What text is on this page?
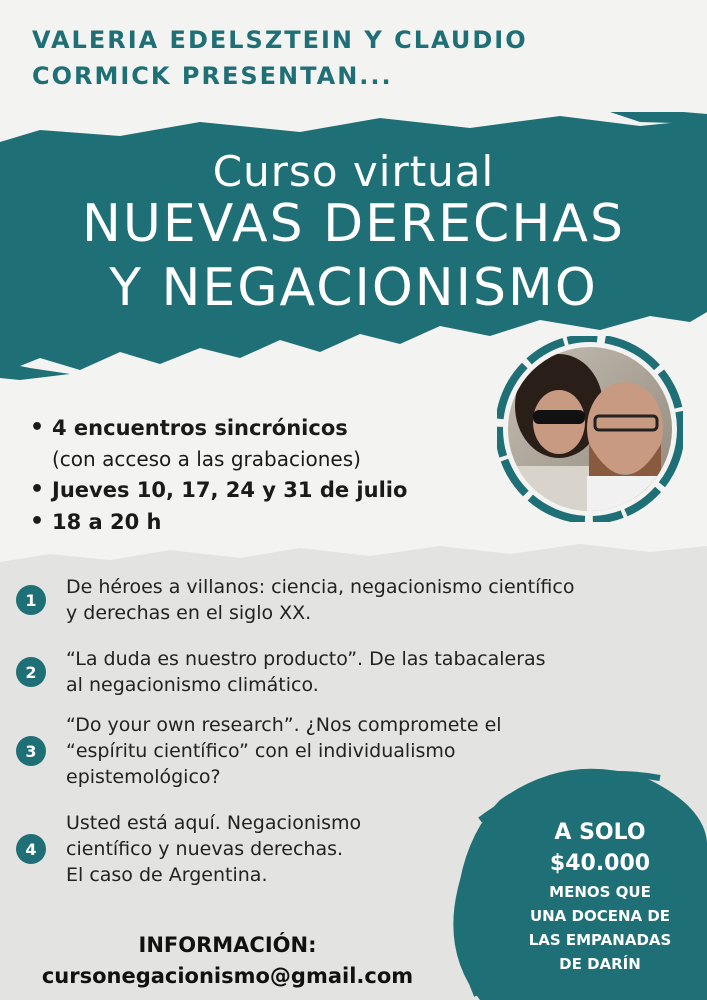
VALERIA EDELSZTEIN Y CLAUDIO
CORMICK PRESENTAN...
Curso virtual
NUEVAS DERECHAS
Y NEGACIONISMO
• 4 encuentros sincrónicos
(con acceso a las grabaciones)
• Jueves 10, 17, 24 y 31 de julio
• 18 a 20 h
1
De héroes a villanos: ciencia, negacionismo científico
y derechas en el siglo XX.
2
“La duda es nuestro producto”. De las tabacaleras
al negacionismo climático.
3
“Do your own research”. ¿Nos compromete el
“espíritu científico” con el individualismo
epistemológico?
4
Usted está aquí. Negacionismo
científico y nuevas derechas.
El caso de Argentina.
A SOLO
$40.000
MENOS QUE
UNA DOCENA DE
LAS EMPANADAS
DE DARÍN
INFORMACIÓN:
cursonegacionismo@gmail.com
